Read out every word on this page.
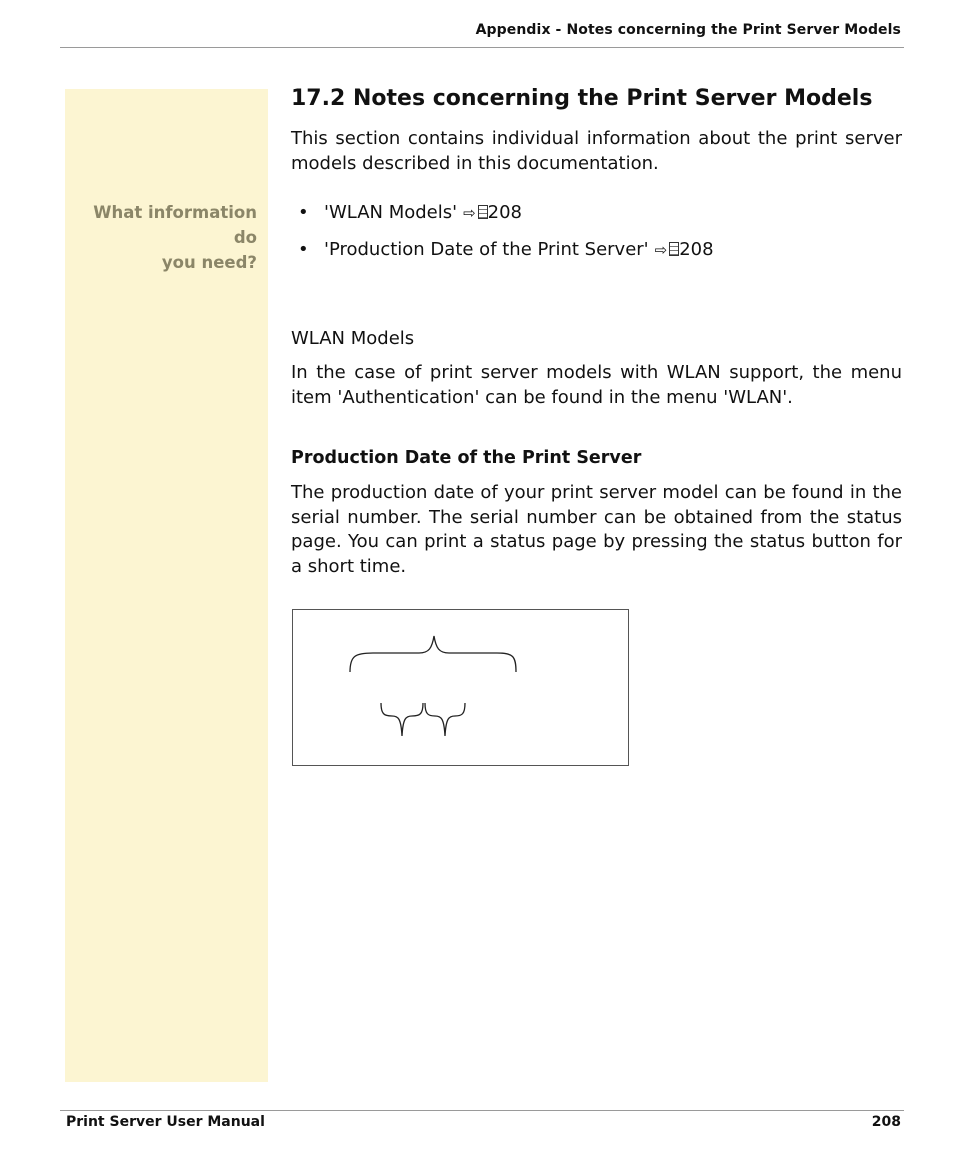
Appendix - Notes concerning the Print Server Models
What information do
you need?
17.2 Notes concerning the Print Server Models

This section contains individual information about the print server models described in this documentation.

• 'WLAN Models' ⇨ 208
• 'Production Date of the Print Server' ⇨ 208
WLAN Models

In the case of print server models with WLAN support, the menu item 'Authentication' can be found in the menu 'WLAN'.

Production Date of the Print Server

The production date of your print server model can be found in the serial number. The serial number can be obtained from the status page. You can print a status page by pressing the status button for a short time.

Print Server User Manual	208
